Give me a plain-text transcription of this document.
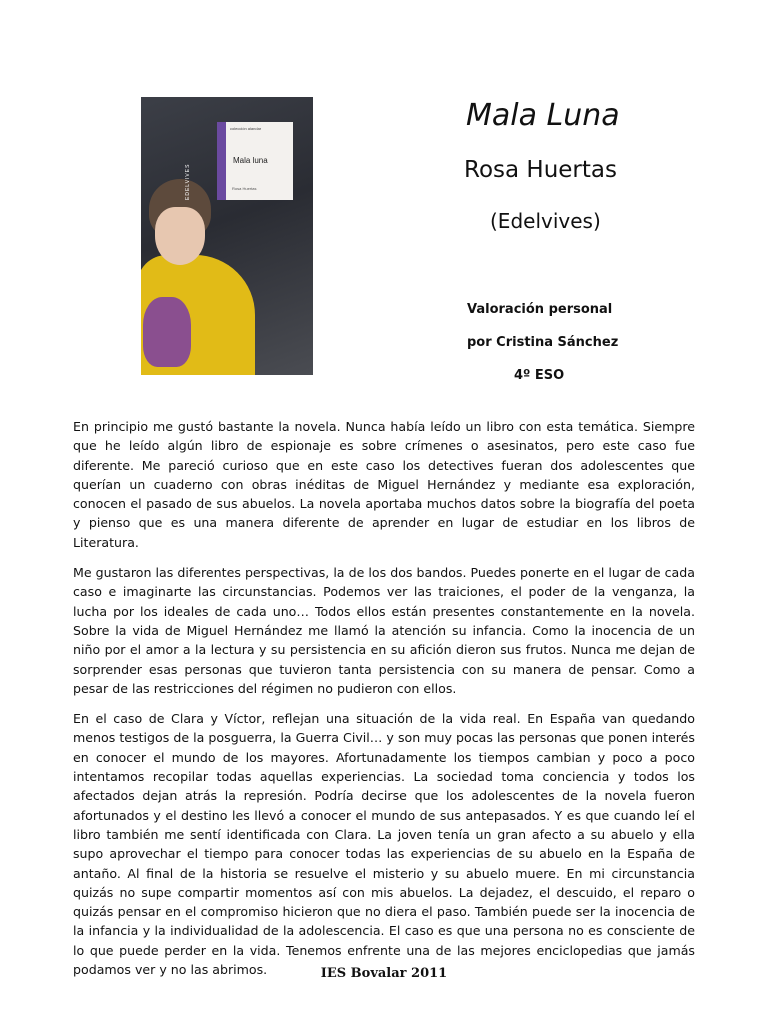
EDELVIVES
colección alandar
Mala luna
Rosa Huertas
Mala Luna
Rosa Huertas
(Edelvives)
Valoración personal
por Cristina Sánchez
4º ESO

En principio me gustó bastante la novela. Nunca había leído un libro con esta temática. Siempre que he leído algún libro de espionaje es sobre crímenes o asesinatos, pero este caso fue diferente. Me pareció curioso que en este caso los detectives fueran dos adolescentes que querían un cuaderno con obras inéditas de Miguel Hernández y mediante esa exploración, conocen el pasado de sus abuelos. La novela aportaba muchos datos sobre la biografía del poeta y pienso que es una manera diferente de aprender en lugar de estudiar en los libros de Literatura.

Me gustaron las diferentes perspectivas, la de los dos bandos. Puedes ponerte en el lugar de cada caso e imaginarte las circunstancias. Podemos ver las traiciones, el poder de la venganza, la lucha por los ideales de cada uno… Todos ellos están presentes constantemente en la novela. Sobre la vida de Miguel Hernández me llamó la atención su infancia. Como la inocencia de un niño por el amor a la lectura y su persistencia en su afición dieron sus frutos. Nunca me dejan de sorprender esas personas que tuvieron tanta persistencia con su manera de pensar. Como a pesar de las restricciones del régimen no pudieron con ellos.

En el caso de Clara y Víctor, reflejan una situación de la vida real. En España van quedando menos testigos de la posguerra, la Guerra Civil… y son muy pocas las personas que ponen interés en conocer el mundo de los mayores. Afortunadamente los tiempos cambian y poco a poco intentamos recopilar todas aquellas experiencias. La sociedad toma conciencia y todos los afectados dejan atrás la represión. Podría decirse que los adolescentes de la novela fueron afortunados y el destino les llevó a conocer el mundo de sus antepasados. Y es que cuando leí el libro también me sentí identificada con Clara. La joven tenía un gran afecto a su abuelo y ella supo aprovechar el tiempo para conocer todas las experiencias de su abuelo en la España de antaño. Al final de la historia se resuelve el misterio y su abuelo muere. En mi circunstancia quizás no supe compartir momentos así con mis abuelos. La dejadez, el descuido, el reparo o quizás pensar en el compromiso hicieron que no diera el paso. También puede ser la inocencia de la infancia y la individualidad de la adolescencia. El caso es que una persona no es consciente de lo que puede perder en la vida. Tenemos enfrente una de las mejores enciclopedias que jamás podamos ver y no las abrimos.	IES Bovalar 2011
